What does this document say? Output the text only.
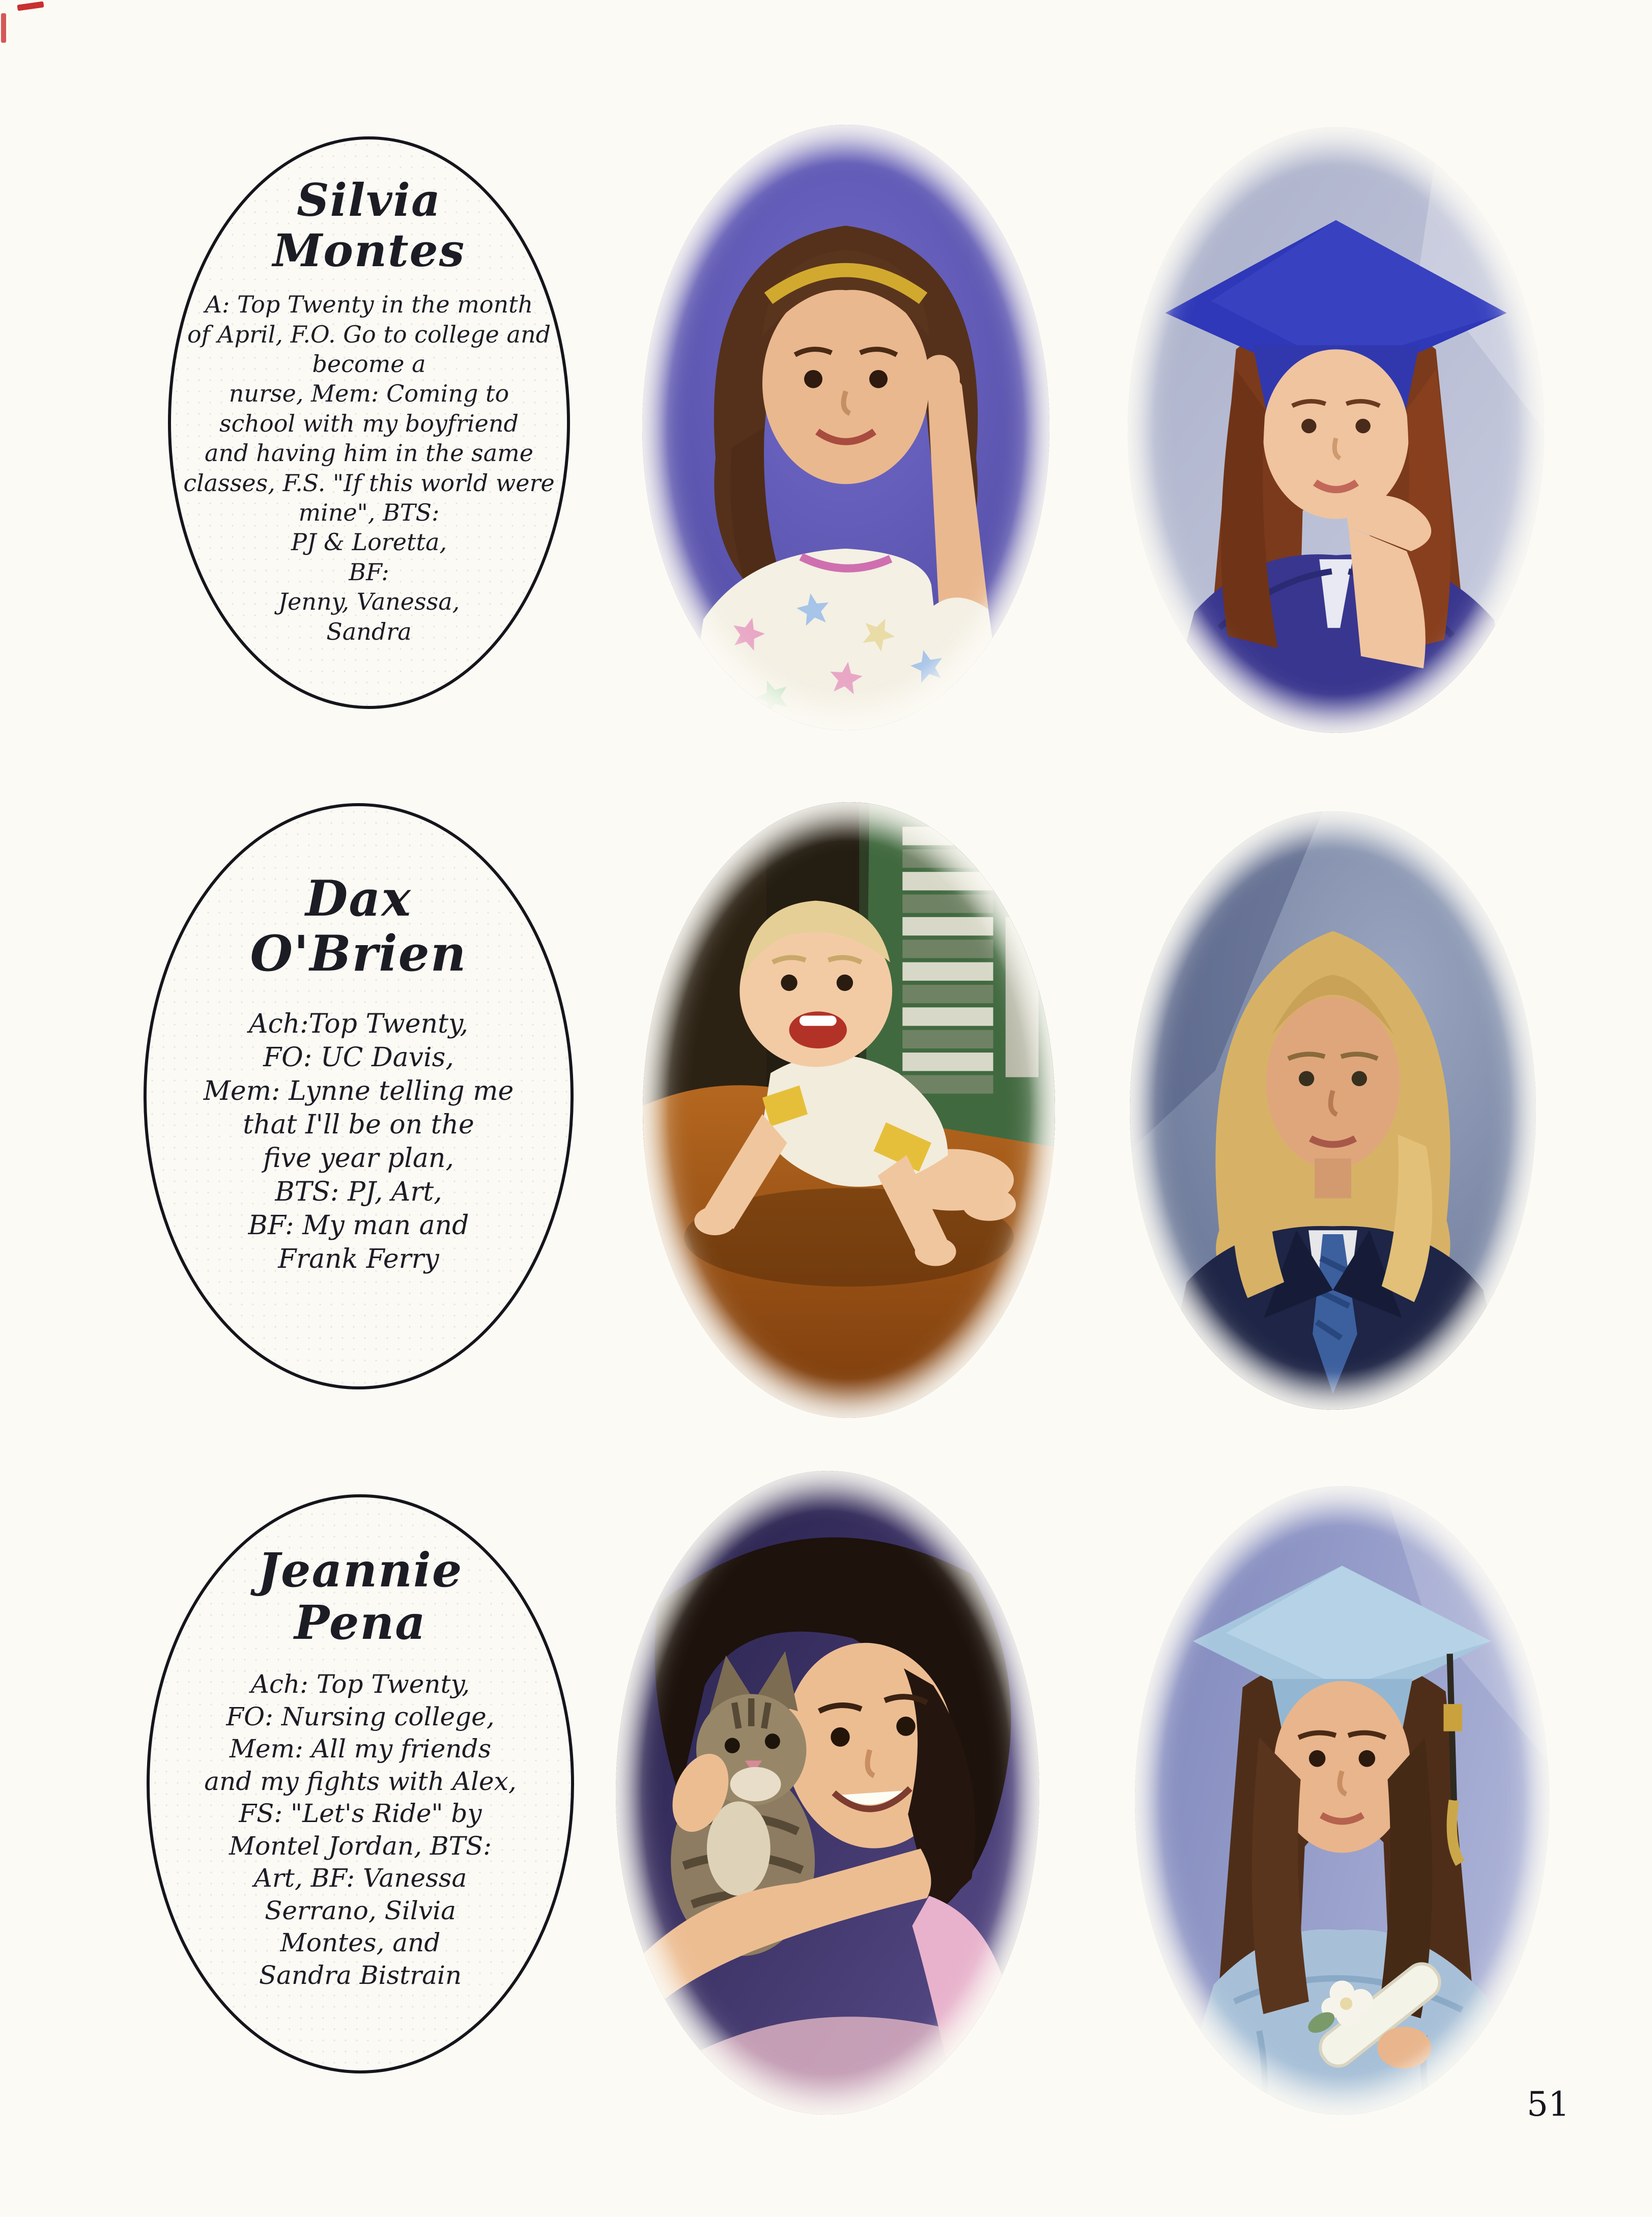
Silvia
Montes
A: Top Twenty in the month
of April, F.O. Go to college and
become a
nurse, Mem: Coming to
school with my boyfriend
and having him in the same
classes, F.S. "If this world were
mine", BTS:
PJ & Loretta,
BF:
Jenny, Vanessa,
Sandra
Dax
O'Brien
Ach:Top Twenty,
FO: UC Davis,
Mem: Lynne telling me
that I'll be on the
five year plan,
BTS: PJ, Art,
BF: My man and
Frank Ferry
Jeannie
Pena
Ach: Top Twenty,
FO: Nursing college,
Mem: All my friends
and my fights with Alex,
FS: "Let's Ride" by
Montel Jordan, BTS:
Art, BF: Vanessa
Serrano, Silvia
Montes, and
Sandra Bistrain
51
